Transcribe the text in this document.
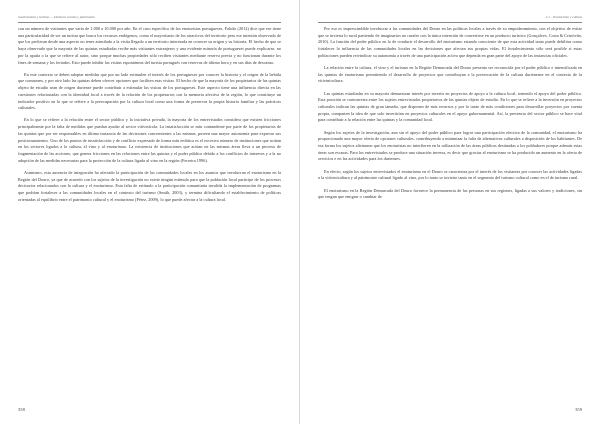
Gastronomía y turismo — Destinos rurales y patrimonio

con un número de visitantes que varía de 1.000 a 10.000 por año. En el caso específico de los enoturistas portugueses, Faloão (2012) dice que ese tiene una particularidad de ser un turista que busca los recursos endógenos, como el mayoritario de los atractivos del territorio pero ese intentón observado de que los prefieran desde una aspecto no tener asimilado a la visita llegado a un territorio interesada en conocer su origen y su historia. El hecho de que se haya observado que la mayoría de las quintas estudiadas recibe más visitantes extranjeros y una evidente minoría de portugueses puede explicarse, no por la apatía o la que se refiere al autor, sino porque muchas propiedades sólo reciben visitantes mediante reserva previa y no funcionan durante los fines de semana y los feriados. Esto puede inhibir las visitas espontáneas del turista portugués con reservas de último hora y en sus días de descanso.

En este contexto se deben adoptar medidas que por un lado estimulen el interés de los portugueses por conocer la historia y el origen de la bebida que consumen, y por otro lado las quintas deben ofrecer opciones que faciliten esas visitas. El hecho de que la mayoría de los propietarios de las quintas objeto de estudio sean de origen duriense puede contribuir a estimular las visitas de los portugueses. Este aspecto tiene una influencia directa en las cuestiones relacionadas con la identidad local a través de la relación de los propietarios con la memoria afectiva de la región, lo que constituye un indicador positivo en lo que se refiere a la preocupación por la cultura local como una forma de preservar la propia historia familiar y las prácticas culturales.

En lo que se refiere a la relación entre el sector público y la iniciativa privada, la mayoría de los entrevistados considera que existen fricciones principalmente por la falta de medidas que puedan ayudar al sector vitivinícola. La insatisfacción se más contundente por parte de los propietarios de las quintas que por ser responsables en última instancia de las decisiones concernientes a las mismas, poseen una mayor autonomía para expresar sus posicionamientos. Uno de los puntos de insatisfacción y de conflicto expresado de forma más enfática es el excesivo número de instituciones que actúan en los sectores ligados a la cultura, al vino y al enoturismo. La existencia de instituciones que actúan en las mismas áreas lleva a un proceso de fragmentación de las acciones, que genera fricciones en las relaciones entre las quintas y el poder público debido a los conflictos de intereses y a la no adopción de las medidas necesarias para la protección de la cultura ligada al vino en la región (Ferreira 1996).

Asimismo, esta ausencia de integración ha afectado la participación de las comunidades locales en los asuntos que involucran el enoturismo en la Región del Douro, ya que de acuerdo con los sujetos de la investigación no existe ningún estímulo para que la población local participe de los procesos decisorios relacionados con la cultura y el enoturismo. Esta falta de estímulo a la participación comunitaria invalida la implementación de programas que podrían fortalecer a las comunidades locales en el contexto del turismo (Smith, 2003), y termina dificultando el establecimiento de políticas orientadas al equilibrio entre el patrimonio cultural y el enoturismo (Pérez, 2009), lo que puede afectar a la cultura local.

358
2.1 – Enoturismo y cultura

Por eso es imprescindible involucrar a las comunidades del Douro en las políticas locales a través de su empoderamiento, con el objetivo de evitar que se invierta lo rural partiendo de imaginarios no rurales con la única intención de convertirse en un producto turístico (Gonçalves, Costa & Cristóvão, 2010). La función del poder público en lo de conducir el desarrollo del enoturismo estando consciente de que esta actividad tanto puede debilitar como fortalecer la influencia de las comunidades locales en las decisiones que afectan sus propias vidas. El fortalecimiento sólo será posible si estas poblaciones pueden reivindicar su autonomía a través de una participación activa que dependa en gran parte del apoyo de las instancias oficiales.

La relación entre la cultura, el vino y el turismo en la Región Demarcada del Douro presenta ser reconocida por el poder público e intensificada en las quintas de enoturismo permitiendo el desarrollo de proyectos que contribuyan a la preservación de la cultura durienense en el contexto de la vitivinicultura.

Las quintas estudiadas en su mayoría demuestran interés por invertir en proyectos de apoyo a la cultura local, teniendo el apoyo del poder público. Esta posición se contrarresta entre los sujetos entrevistados propietarios de las quintas objeto de estudio. En lo que se refiere a la inversión en proyectos culturales indican las quintas de gran tamaño, que disponen de más recursos y por lo tanto de más condiciones para desarrollar proyectos por cuenta propia, comparten la idea de que solo invertirían en proyectos culturales en el apoyo gubernamental. Así, la presencia del sector público se hace vital para contribuir a la relación entre las quintas y la comunidad local.

Según los sujetos de la investigación, aun sin el apoyo del poder público para lograr una participación efectiva de la comunidad, el enoturismo ha proporcionado una mayor oferta de opciones culturales, contribuyendo a minimizar la falta de alternativas culturales a disposición de los habitantes. De esa forma los sujetos afirmaron que los enoturistas no interfieren en la utilización de las áreas públicas destinadas a los pobladores porque además estas áreas son escasas. Para los entrevistados se produce una situación inversa, es decir que gracias al enoturismo se ha producido un aumento en la oferta de servicios e en las actividades para los durienses.

En efecto, según los sujetos entrevistados el enoturismo en el Douro se caracteriza por el interés de los visitantes por conocer las actividades ligadas a la vitivinicultura y al patrimonio cultural ligado al vino, por lo tanto se invierte tanto en el segmento del turismo cultural como en el de turismo rural.

El enoturismo en la Región Demarcada del Douro favorece la permanencia de las personas en sus regiones, ligadas a sus valores y tradiciones, sin que tengan que emigrar o cambiar de

359
